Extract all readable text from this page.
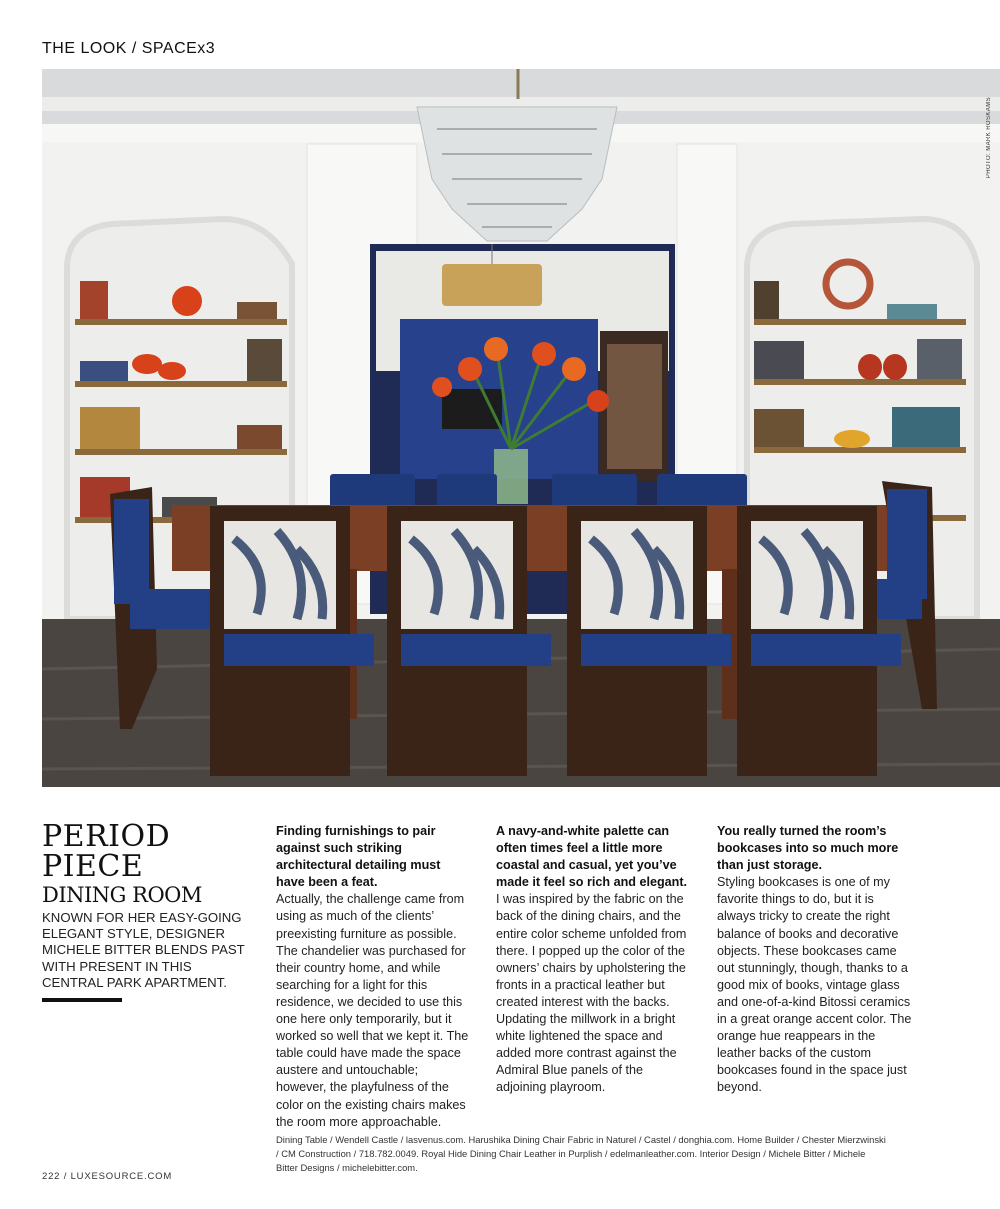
THE LOOK / SPACEx3
PHOTO: MARK ROSKAMS
PERIOD
PIECE
DINING ROOM
KNOWN FOR HER EASY-GOING ELEGANT STYLE, DESIGNER MICHELE BITTER BLENDS PAST WITH PRESENT IN THIS CENTRAL PARK APARTMENT.
Finding furnishings to pair against such striking architectural detailing must have been a feat.
Actually, the challenge came from using as much of the clients’ preexisting furniture as possible. The chandelier was purchased for their country home, and while searching for a light for this residence, we decided to use this one here only temporarily, but it worked so well that we kept it. The table could have made the space austere and untouchable; however, the playfulness of the color on the existing chairs makes the room more approachable.
A navy-and-white palette can often times feel a little more coastal and casual, yet you’ve made it feel so rich and elegant.
I was inspired by the fabric on the back of the dining chairs, and the entire color scheme unfolded from there. I popped up the color of the owners’ chairs by upholstering the fronts in a practical leather but created interest with the backs. Updating the millwork in a bright white lightened the space and added more contrast against the Admiral Blue panels of the adjoining playroom.
You really turned the room’s bookcases into so much more than just storage.
Styling bookcases is one of my favorite things to do, but it is always tricky to create the right balance of books and decorative objects. These bookcases came out stunningly, though, thanks to a good mix of books, vintage glass and one-of-a-kind Bitossi ceramics in a great orange accent color. The orange hue reappears in the leather backs of the custom bookcases found in the space just beyond.
Dining Table / Wendell Castle / lasvenus.com. Harushika Dining Chair Fabric in Naturel / Castel / donghia.com. Home Builder / Chester Mierzwinski / CM Construction / 718.782.0049. Royal Hide Dining Chair Leather in Purplish / edelmanleather.com. Interior Design / Michele Bitter / Michele Bitter Designs / michelebitter.com.
222 / LUXESOURCE.COM
